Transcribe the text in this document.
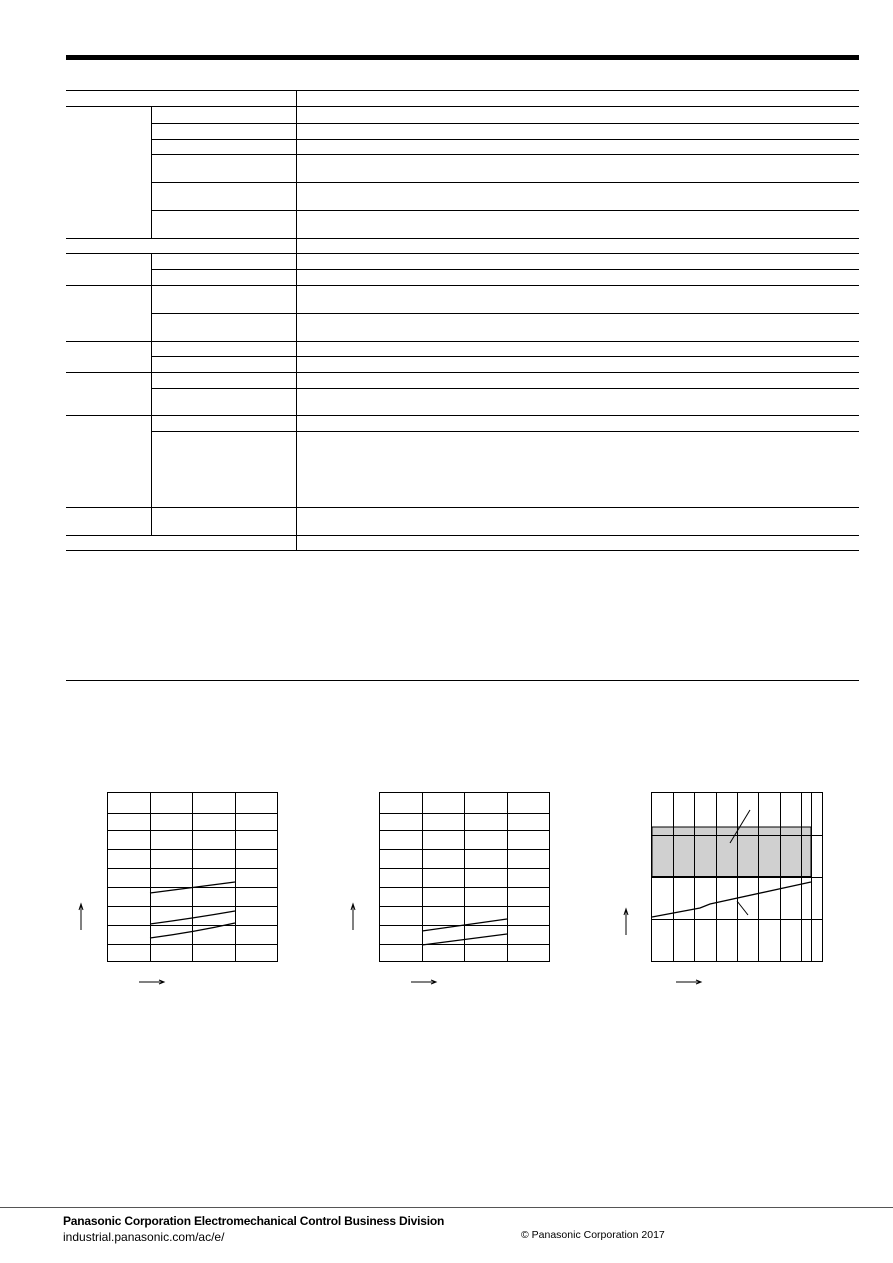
Panasonic Corporation Electromechanical Control Business Division
industrial.panasonic.com/ac/e/	© Panasonic Corporation 2017
